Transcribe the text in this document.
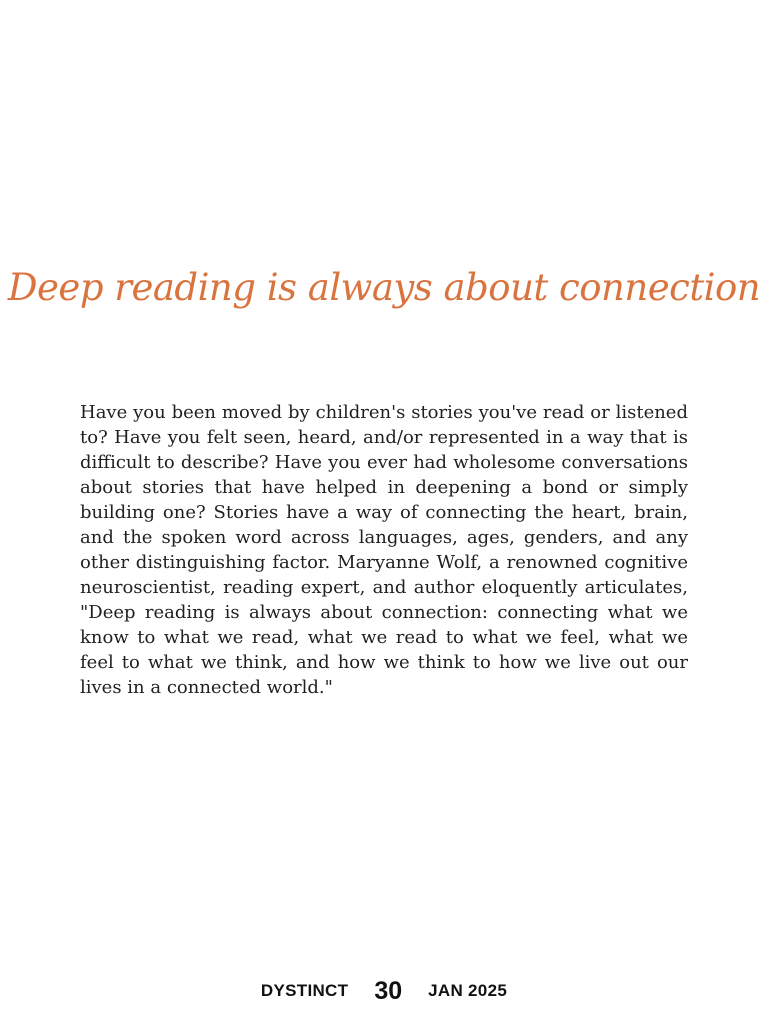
Deep reading is always about connection

Have you been moved by children's stories you've read or listened to? Have you felt seen, heard, and/or represented in a way that is difficult to describe? Have you ever had wholesome conversations about stories that have helped in deepening a bond or simply building one? Stories have a way of connecting the heart, brain, and the spoken word across languages, ages, genders, and any other distinguishing factor. Maryanne Wolf, a renowned cognitive neuroscientist, reading expert, and author eloquently articulates, "Deep reading is always about connection: connecting what we know to what we read, what we read to what we feel, what we feel to what we think, and how we think to how we live out our lives in a connected world."

DYSTINCT 30 JAN 2025
